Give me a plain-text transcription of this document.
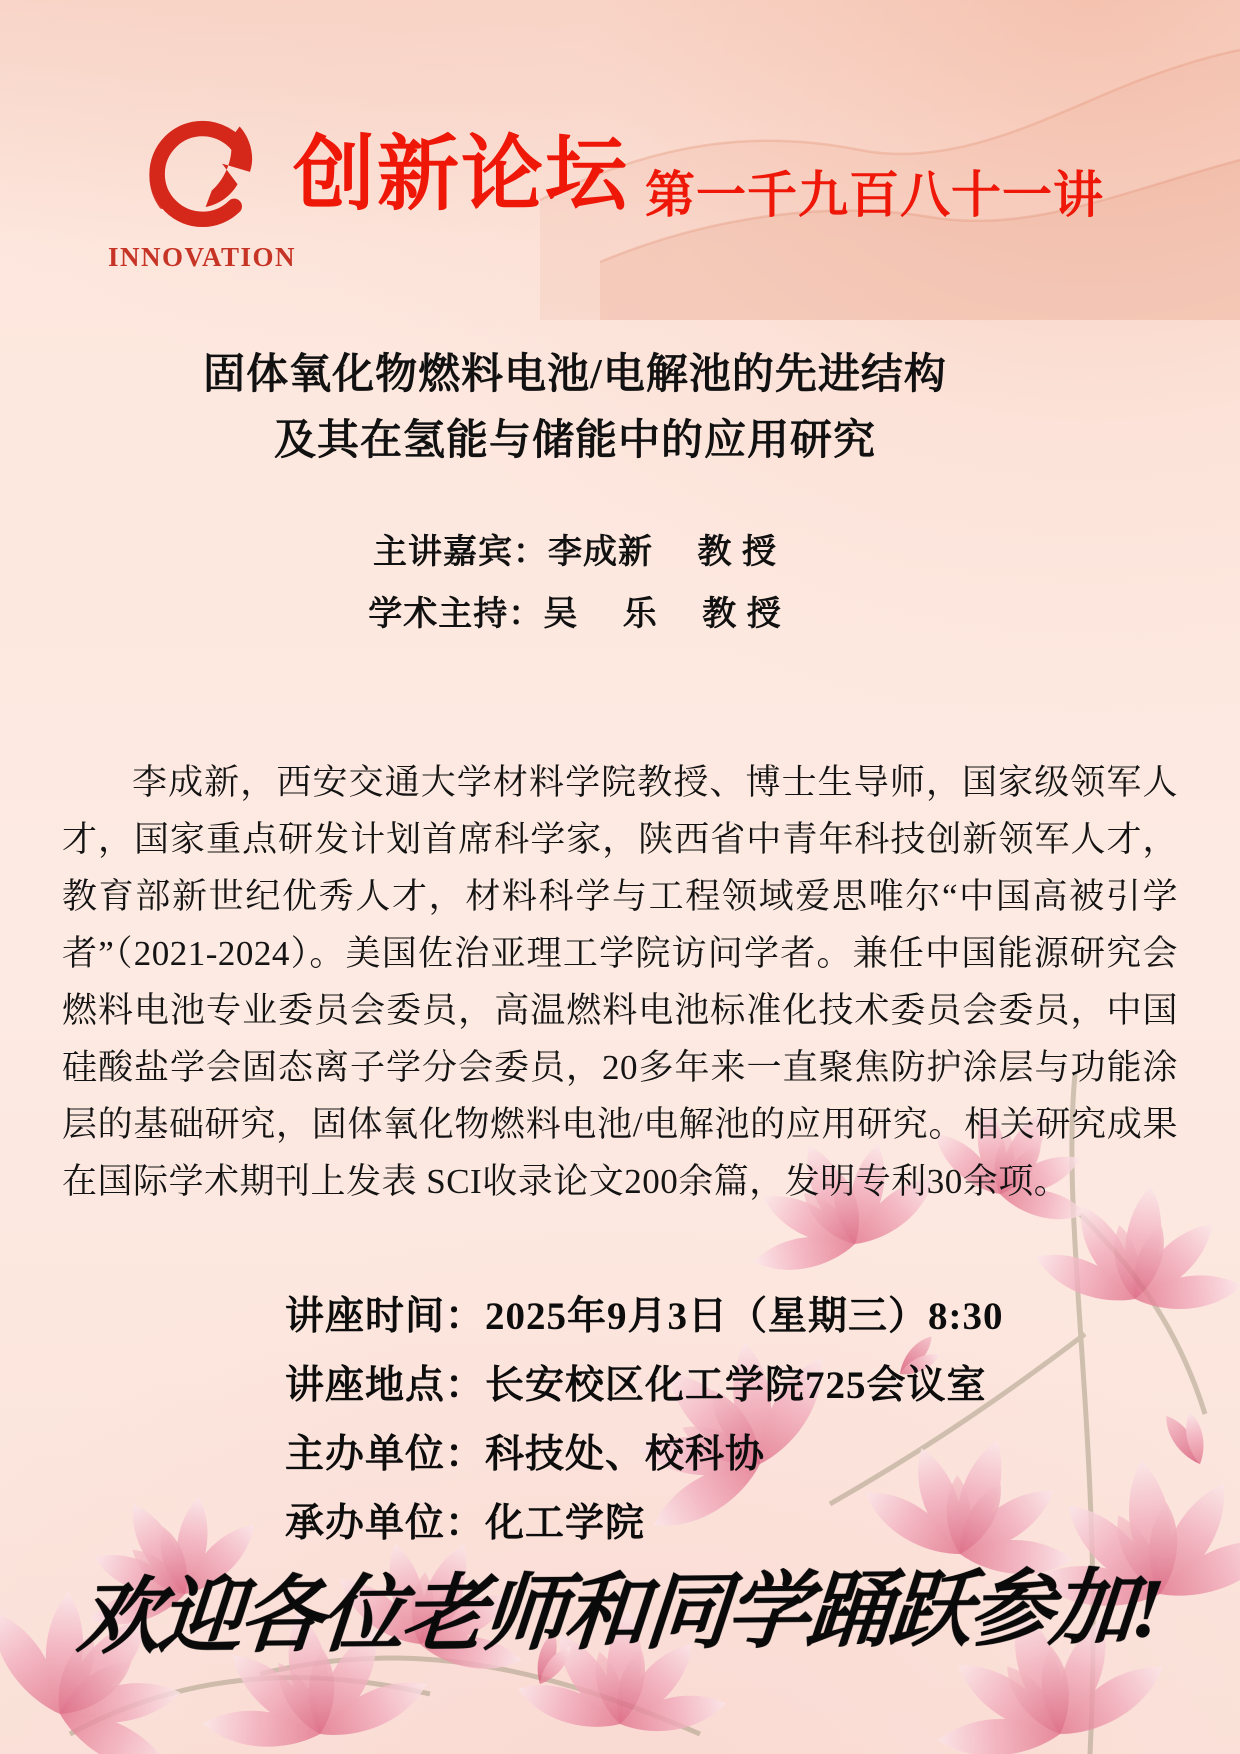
INNOVATION
创新论坛 第一千九百八十一讲
固体氧化物燃料电池/电解池的先进结构
及其在氢能与储能中的应用研究
主讲嘉宾：李成新　 教 授
学术主持：吴　 乐　 教 授
李成新，西安交通大学材料学院教授、博士生导师，国家级领军人才，国家重点研发计划首席科学家，陕西省中青年科技创新领军人才，教育部新世纪优秀人才，材料科学与工程领域爱思唯尔“中国高被引学者”（2021-2024）。美国佐治亚理工学院访问学者。兼任中国能源研究会燃料电池专业委员会委员，高温燃料电池标准化技术委员会委员，中国硅酸盐学会固态离子学分会委员，20多年来一直聚焦防护涂层与功能涂层的基础研究，固体氧化物燃料电池/电解池的应用研究。相关研究成果在国际学术期刊上发表 SCI收录论文200余篇，发明专利30余项。
讲座时间：2025年9月3日（星期三）8:30
讲座地点：长安校区化工学院725会议室
主办单位：科技处、校科协
承办单位：化工学院
欢迎各位老师和同学踊跃参加!
